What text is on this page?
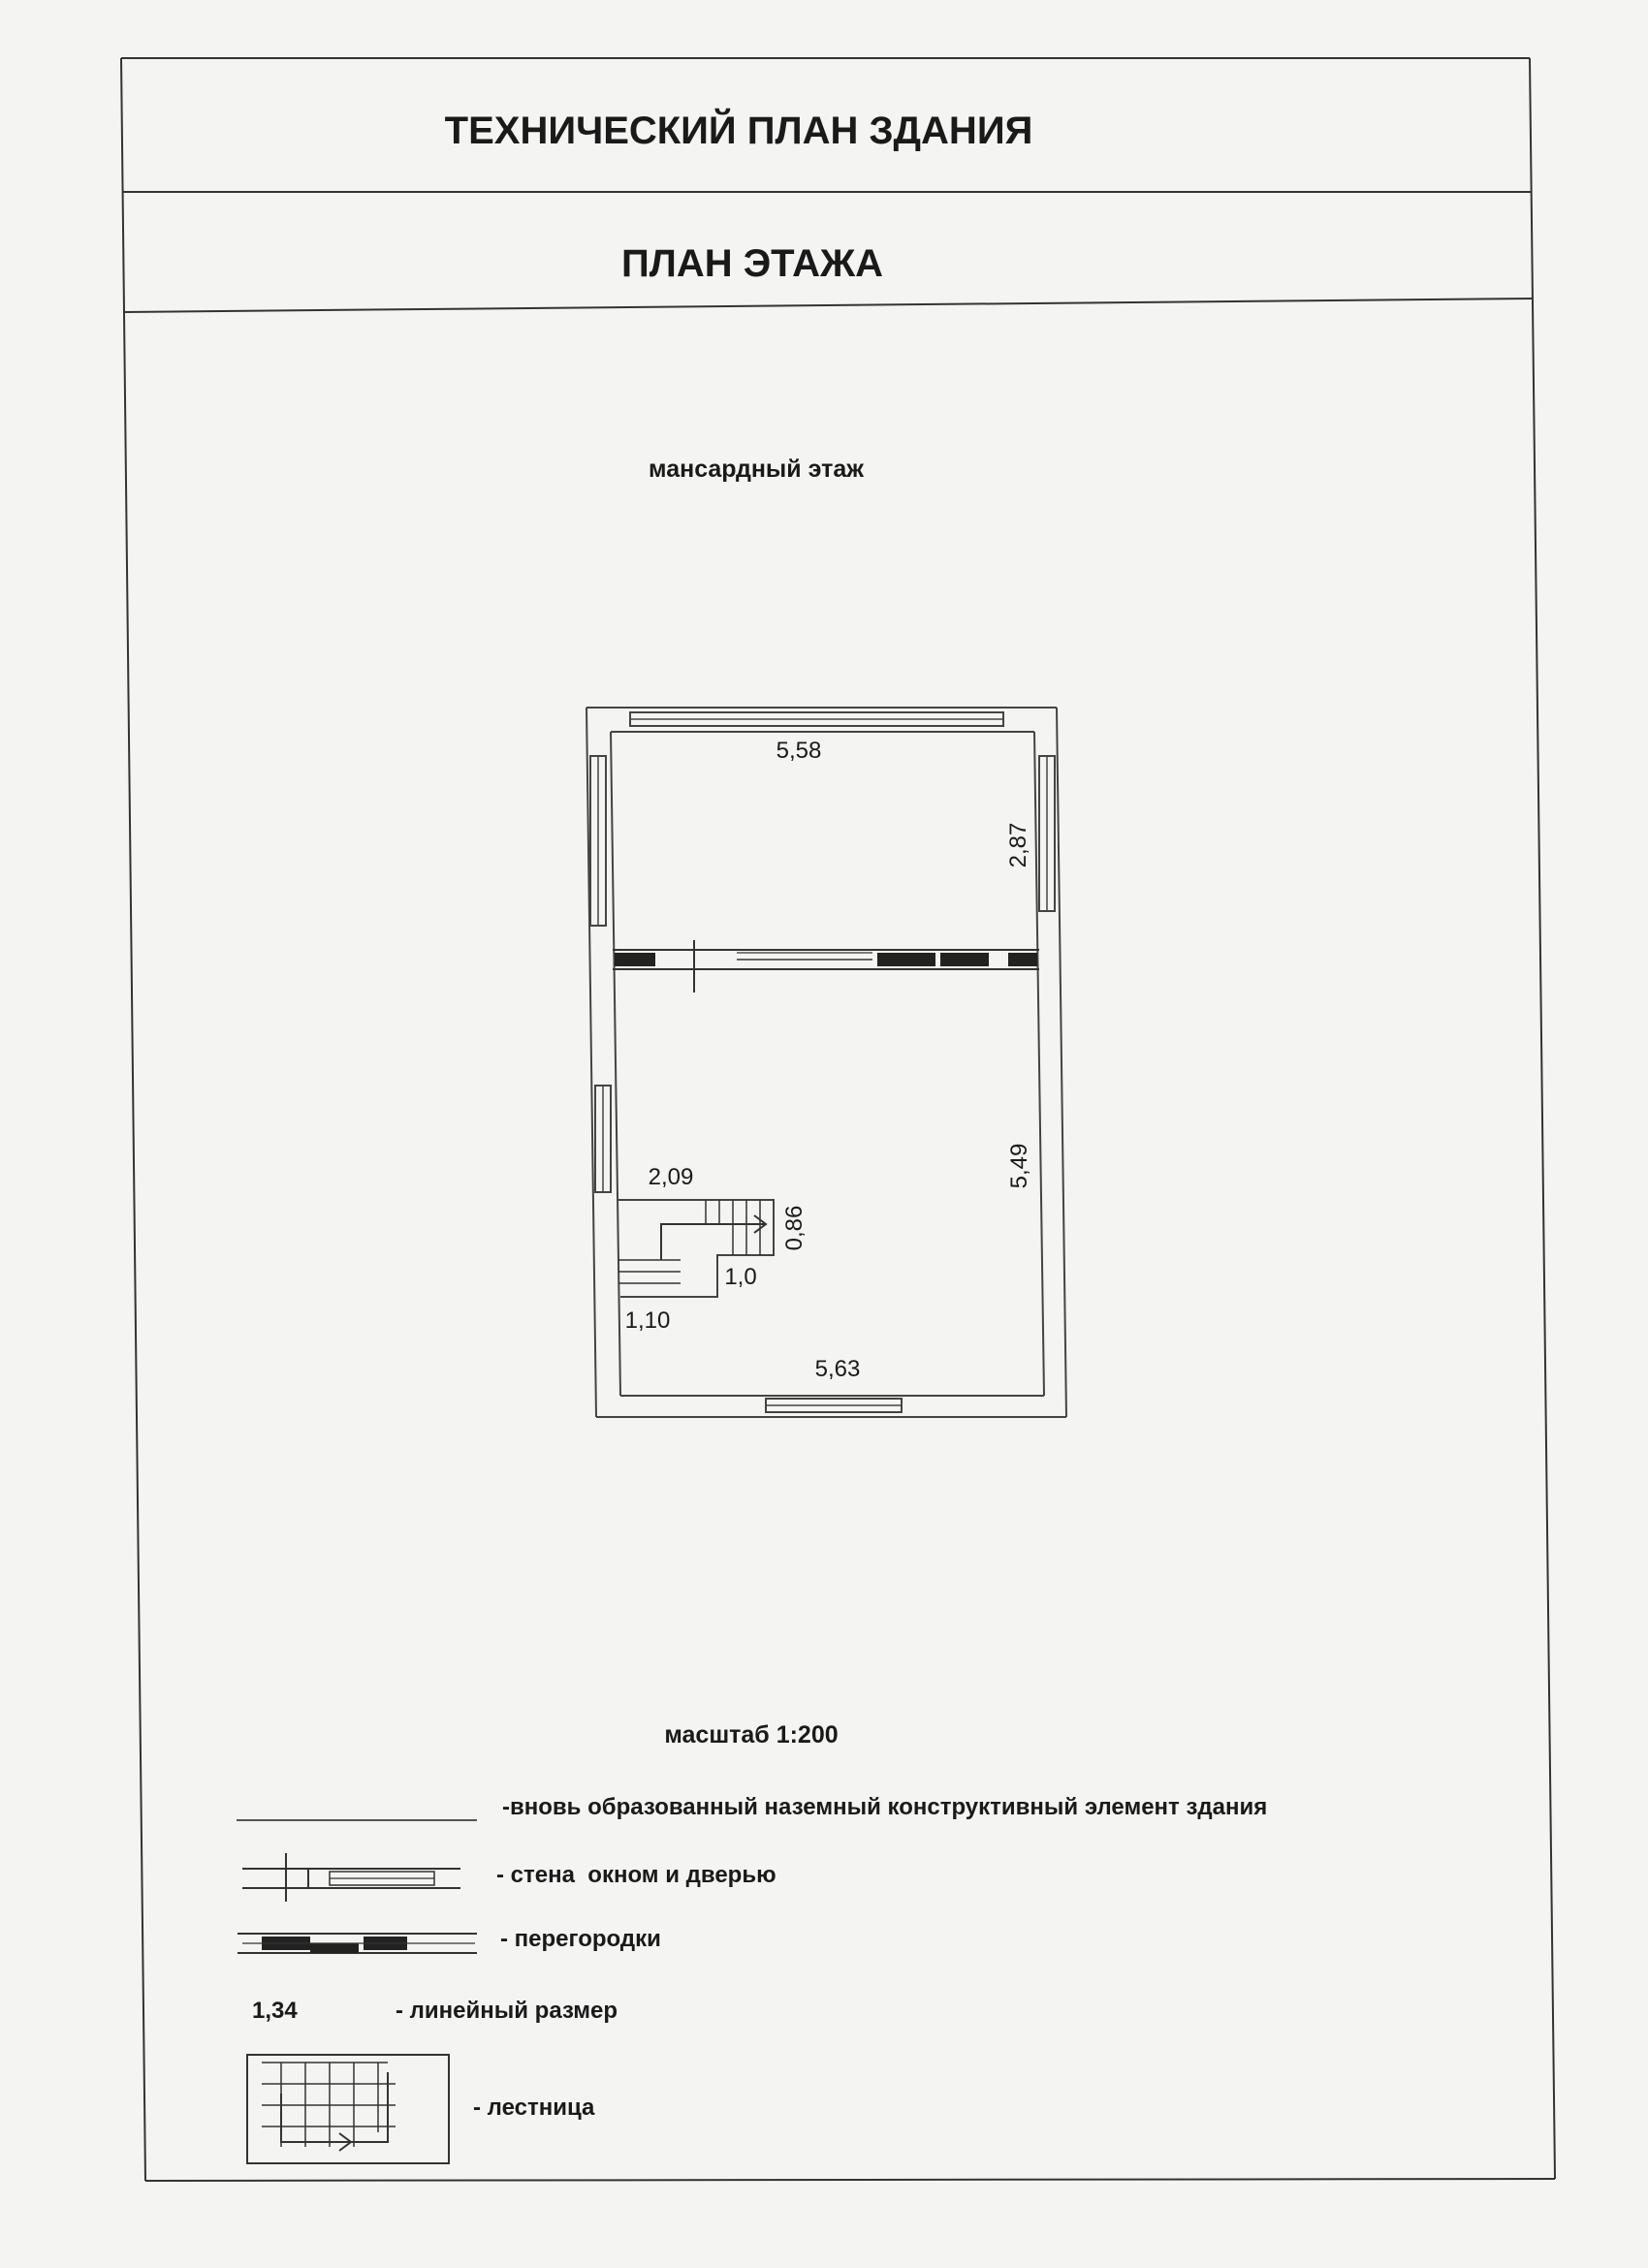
ТЕХНИЧЕСКИЙ ПЛАН ЗДАНИЯ
ПЛАН ЭТАЖА
мансардный этаж
5,58
2,87
5,49
2,09
0,86
1,0
1,10
5,63
масштаб 1:200
-вновь образованный наземный конструктивный элемент здания
- стена  окном и дверью
- перегородки
1,34	- линейный размер
- лестница
